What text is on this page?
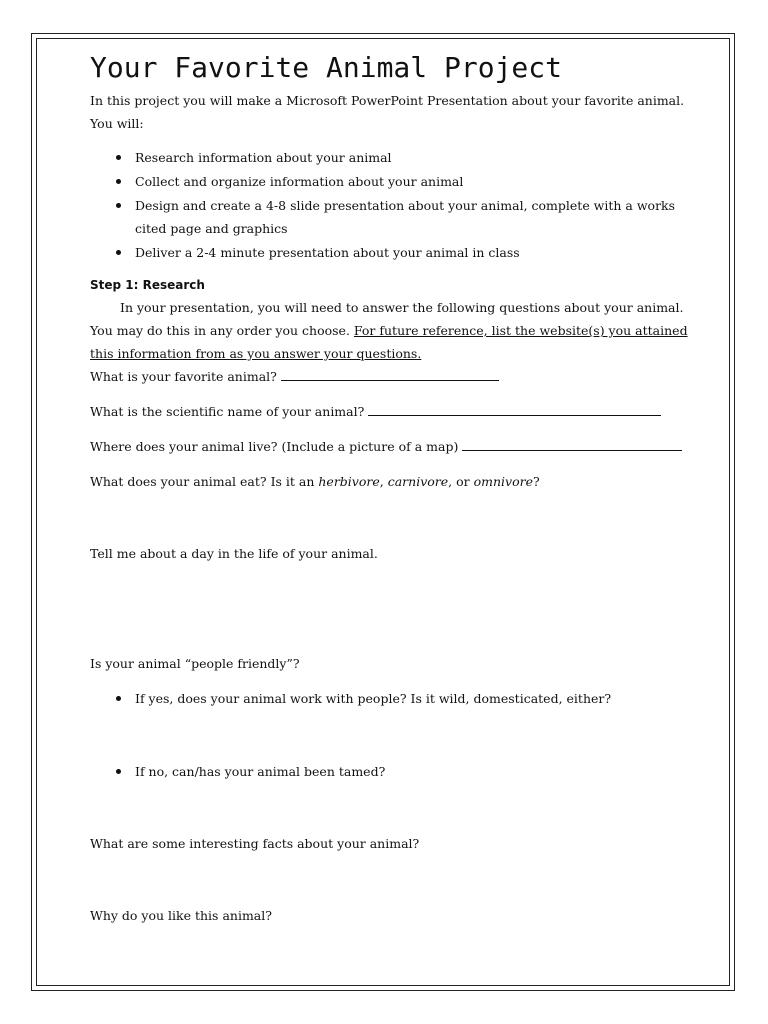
Your Favorite Animal Project

In this project you will make a Microsoft PowerPoint Presentation about your favorite animal. You will:

Research information about your animal
Collect and organize information about your animal
Design and create a 4-8 slide presentation about your animal, complete with a works cited page and graphics
Deliver a 2-4 minute presentation about your animal in class
Step 1: Research

In your presentation, you will need to answer the following questions about your animal. You may do this in any order you choose. For future reference, list the website(s) you attained this information from as you answer your questions.

What is your favorite animal?

What is the scientific name of your animal?

Where does your animal live? (Include a picture of a map)

What does your animal eat? Is it an herbivore, carnivore, or omnivore?

Tell me about a day in the life of your animal.

Is your animal “people friendly”?

If yes, does your animal work with people? Is it wild, domesticated, either?
If no, can/has your animal been tamed?

What are some interesting facts about your animal?

Why do you like this animal?
